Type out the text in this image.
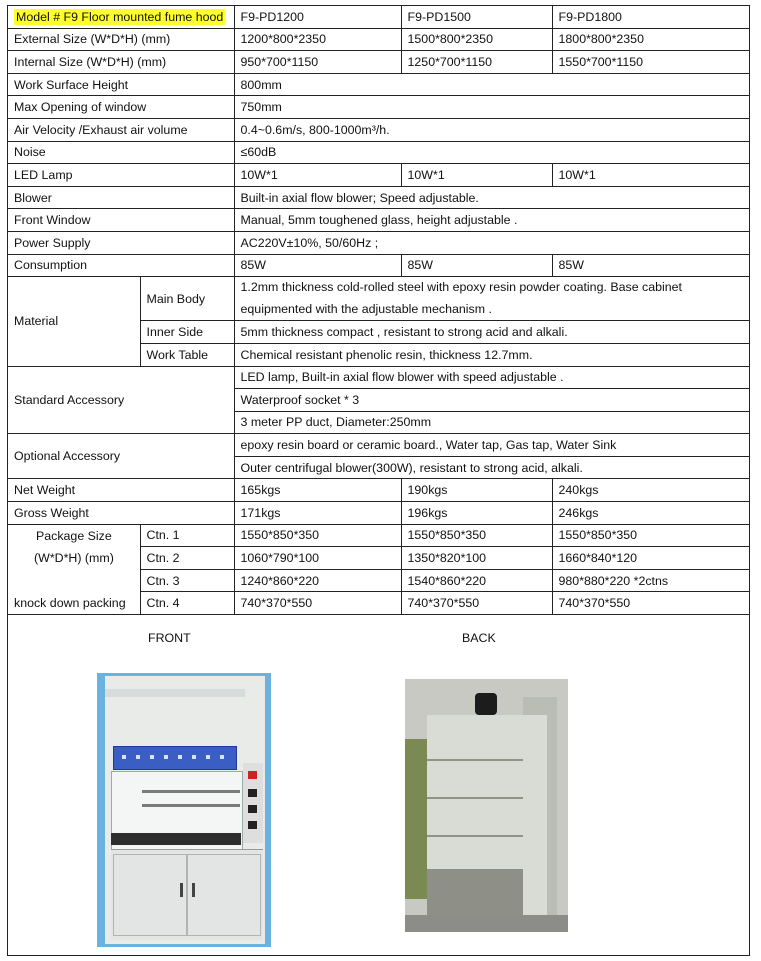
Model # F9 Floor mounted fume hood		F9-PD1200	F9-PD1500	F9-PD1800
External Size (W*D*H) (mm)		1200*800*2350	1500*800*2350	1800*800*2350
Internal Size (W*D*H) (mm)		950*700*1150	1250*700*1150	1550*700*1150
Work Surface Height		800mm		
Max Opening of window		750mm		
Air Velocity /Exhaust air volume		0.4~0.6m/s, 800-1000m³/h.		
Noise		≤60dB		
LED Lamp		10W*1	10W*1	10W*1
Blower		Built-in axial flow blower; Speed adjustable.		
Front Window		Manual, 5mm toughened glass, height adjustable .		
Power Supply		AC220V±10%, 50/60Hz ;		
Consumption		85W	85W	85W
Material	Main Body	1.2mm thickness cold-rolled steel with epoxy resin powder coating. Base cabinet equipmented with the adjustable mechanism .		
	Inner Side	5mm thickness compact , resistant to strong acid and alkali.		
	Work Table	Chemical resistant phenolic resin, thickness 12.7mm.		
Standard Accessory		LED lamp, Built-in axial flow blower with speed adjustable .		
		Waterproof socket * 3		
		3 meter PP duct, Diameter:250mm		
Optional Accessory		epoxy resin board or ceramic board., Water tap, Gas tap, Water Sink		
		Outer centrifugal blower(300W), resistant to strong acid, alkali.		
Net Weight		165kgs	190kgs	240kgs
Gross Weight		171kgs	196kgs	246kgs
Package Size	Ctn. 1	1550*850*350	1550*850*350	1550*850*350
(W*D*H) (mm)	Ctn. 2	1060*790*100	1350*820*100	1660*840*120
	Ctn. 3	1240*860*220	1540*860*220	980*880*220 *2ctns
knock down packing	Ctn. 4	740*370*550	740*370*550	740*370*550
FRONT	BACK
